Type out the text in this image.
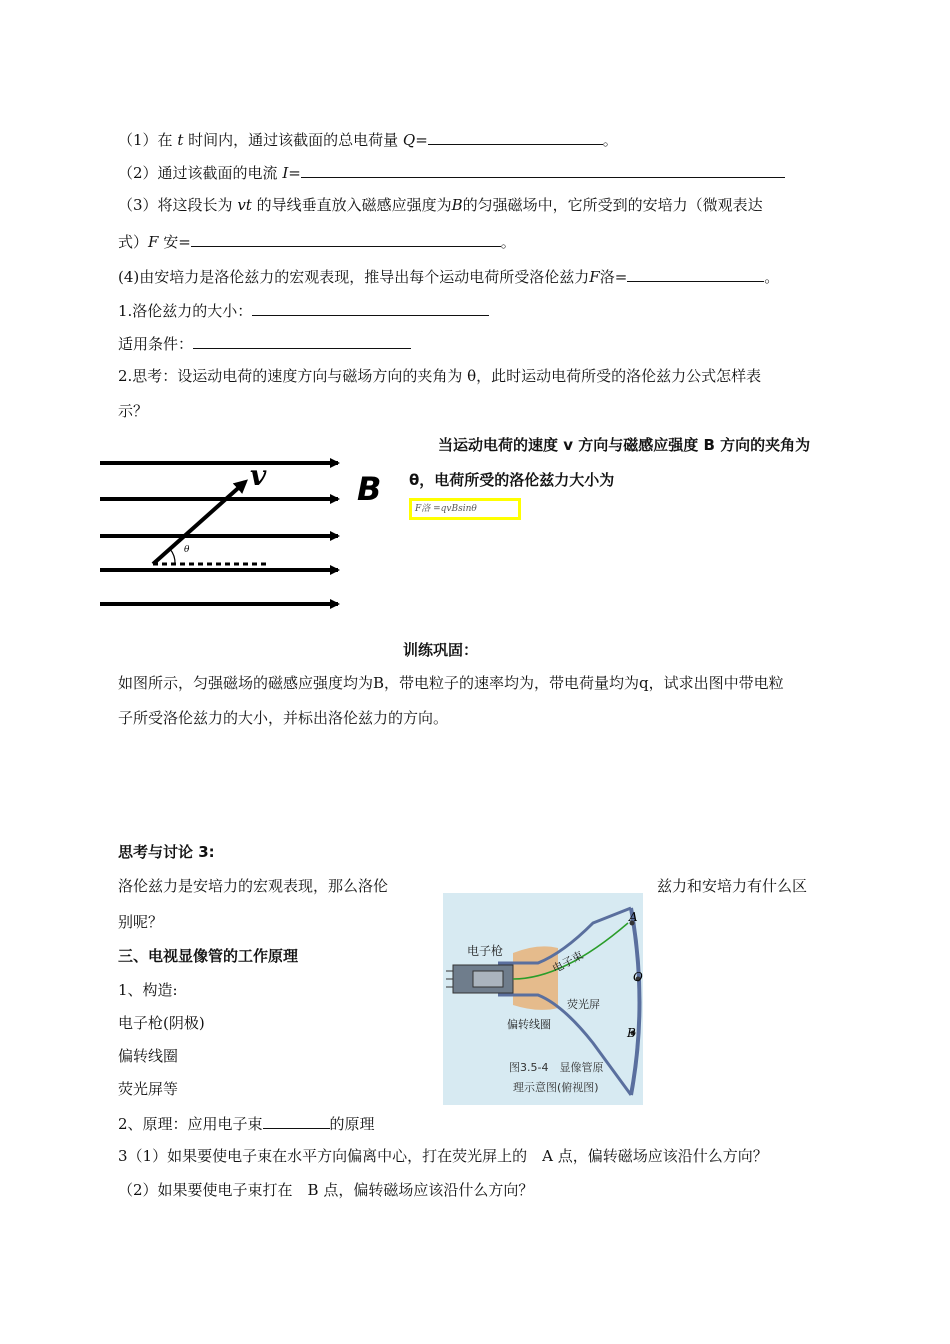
（1）在 t 时间内，通过该截面的总电荷量 Q=	。
（2）通过该截面的电流 I=
（3）将这段长为 vt 的导线垂直放入磁感应强度为B的匀强磁场中，它所受到的安培力（微观表达
式）F 安=	。
(4)由安培力是洛伦兹力的宏观表现，推导出每个运动电荷所受洛伦兹力F洛=	。
1.洛伦兹力的大小：
适用条件：
2.思考：设运动电荷的速度方向与磁场方向的夹角为 θ，此时运动电荷所受的洛伦兹力公式怎样表
示？
θ
v	B
当运动电荷的速度 v 方向与磁感应强度 B 方向的夹角为
θ，电荷所受的洛伦兹力大小为
F洛 =qvBsinθ
训练巩固：
如图所示，匀强磁场的磁感应强度均为B，带电粒子的速率均为，带电荷量均为q，试求出图中带电粒
子所受洛伦兹力的大小，并标出洛伦兹力的方向。
思考与讨论 3:
洛伦兹力是安培力的宏观表现，那么洛伦	兹力和安培力有什么区
别呢？
三、电视显像管的工作原理
1、构造:
电子枪(阴极)
偏转线圈
荧光屏等
2、原理：应用电子束	的原理
3（1）如果要使电子束在水平方向偏离中心，打在荧光屏上的　A 点，偏转磁场应该沿什么方向？
（2）如果要使电子束打在　B 点，偏转磁场应该沿什么方向？
A
O
B
电子枪	电子束
荧光屏
偏转线圈
图3.5-4　显像管原
理示意图(俯视图)
